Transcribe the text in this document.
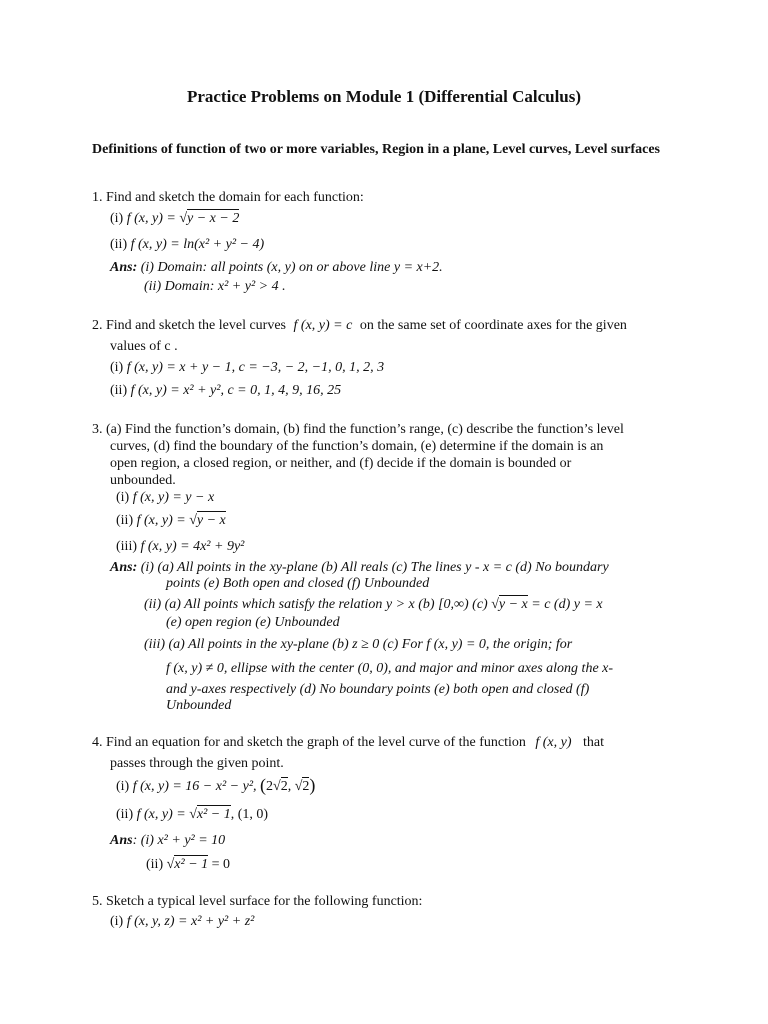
Practice Problems on Module 1 (Differential Calculus)
Definitions of function of two or more variables, Region in a plane, Level curves, Level surfaces
1. Find and sketch the domain for each function:
(i) f (x, y) = √y − x − 2
(ii) f (x, y) = ln(x² + y² − 4)
Ans: (i) Domain: all points (x, y) on or above line y = x+2.
(ii) Domain: x² + y² > 4 .
2. Find and sketch the level curves f (x, y) = c on the same set of coordinate axes for the given
values of c .
(i) f (x, y) = x + y − 1, c = −3, − 2, −1, 0, 1, 2, 3
(ii) f (x, y) = x² + y², c = 0, 1, 4, 9, 16, 25
3. (a) Find the function’s domain, (b) find the function’s range, (c) describe the function’s level
curves, (d) find the boundary of the function’s domain, (e) determine if the domain is an
open region, a closed region, or neither, and (f) decide if the domain is bounded or
unbounded.
(i) f (x, y) = y − x
(ii) f (x, y) = √y − x
(iii) f (x, y) = 4x² + 9y²
Ans: (i) (a) All points in the xy-plane (b) All reals (c) The lines y - x = c (d) No boundary
points (e) Both open and closed (f) Unbounded
(ii) (a) All points which satisfy the relation y > x (b) [0,∞) (c) √y − x = c (d) y = x
(e) open region (e) Unbounded
(iii) (a) All points in the xy-plane (b) z ≥ 0 (c) For f (x, y) = 0, the origin; for
f (x, y) ≠ 0, ellipse with the center (0, 0), and major and minor axes along the x-
and y-axes respectively (d) No boundary points (e) both open and closed (f)
Unbounded
4. Find an equation for and sketch the graph of the level curve of the function f (x, y) that
passes through the given point.
(i) f (x, y) = 16 − x² − y², (2√2, √2)
(ii) f (x, y) = √x² − 1, (1, 0)
Ans: (i) x² + y² = 10
(ii) √x² − 1 = 0
5. Sketch a typical level surface for the following function:
(i) f (x, y, z) = x² + y² + z²
